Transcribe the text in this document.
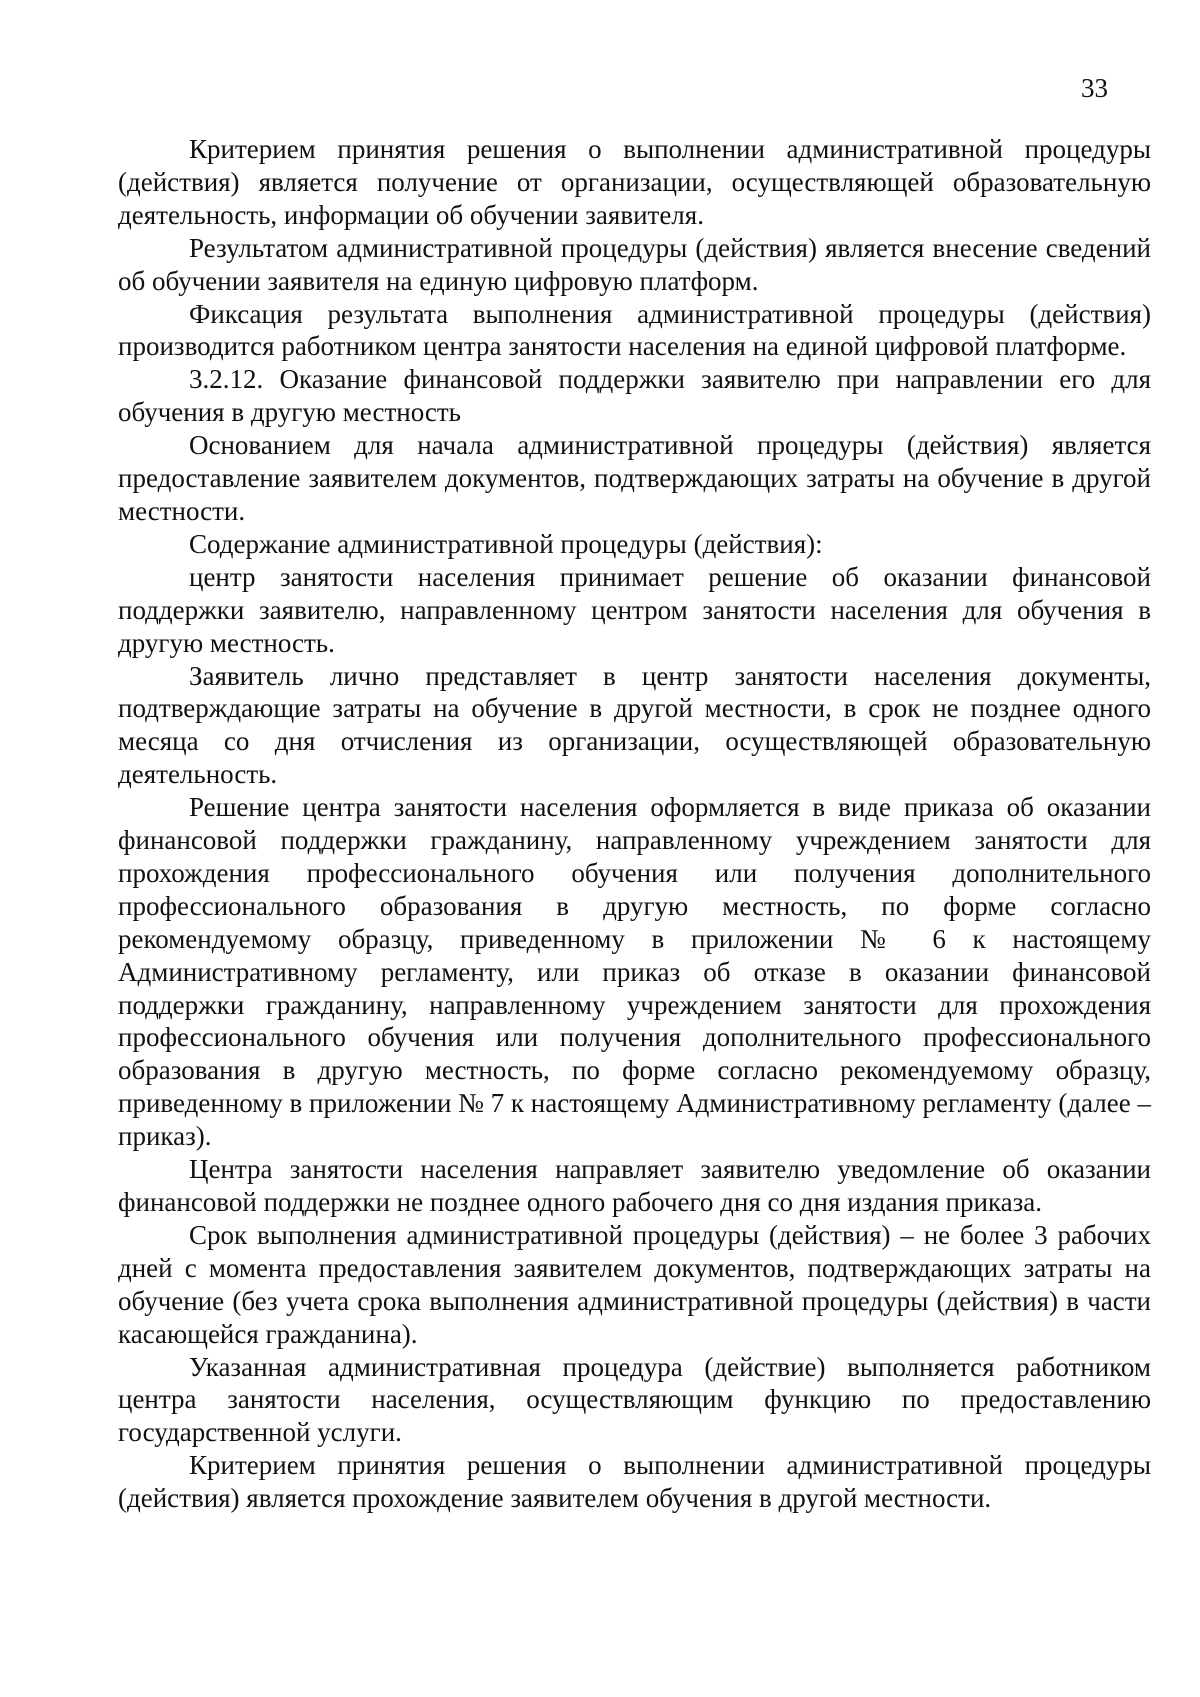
33

Критерием принятия решения о выполнении административной процедуры (действия) является получение от организации, осуществляющей образовательную деятельность, информации об обучении заявителя.

Результатом административной процедуры (действия) является внесение сведений об обучении заявителя на единую цифровую платформ.

Фиксация результата выполнения административной процедуры (действия) производится работником центра занятости населения на единой цифровой платформе.

3.2.12. Оказание финансовой поддержки заявителю при направлении его для обучения в другую местность

Основанием для начала административной процедуры (действия) является предоставление заявителем документов, подтверждающих затраты на обучение в другой местности.

Содержание административной процедуры (действия):

центр занятости населения принимает решение об оказании финансовой поддержки заявителю, направленному центром занятости населения для обучения в другую местность.

Заявитель лично представляет в центр занятости населения документы, подтверждающие затраты на обучение в другой местности, в срок не позднее одного месяца со дня отчисления из организации, осуществляющей образовательную деятельность.

Решение центра занятости населения оформляется в виде приказа об оказании финансовой поддержки гражданину, направленному учреждением занятости для прохождения профессионального обучения или получения дополнительного профессионального образования в другую местность, по форме согласно рекомендуемому образцу, приведенному в приложении № 6 к настоящему Административному регламенту, или приказ об отказе в оказании финансовой поддержки гражданину, направленному учреждением занятости для прохождения профессионального обучения или получения дополнительного профессионального образования в другую местность, по форме согласно рекомендуемому образцу, приведенному в приложении № 7 к настоящему Административному регламенту (далее – приказ).

Центра занятости населения направляет заявителю уведомление об оказании финансовой поддержки не позднее одного рабочего дня со дня издания приказа.

Срок выполнения административной процедуры (действия) – не более 3 рабочих дней с момента предоставления заявителем документов, подтверждающих затраты на обучение (без учета срока выполнения административной процедуры (действия) в части касающейся гражданина).

Указанная административная процедура (действие) выполняется работником центра занятости населения, осуществляющим функцию по предоставлению государственной услуги.

Критерием принятия решения о выполнении административной процедуры (действия) является прохождение заявителем обучения в другой местности.
